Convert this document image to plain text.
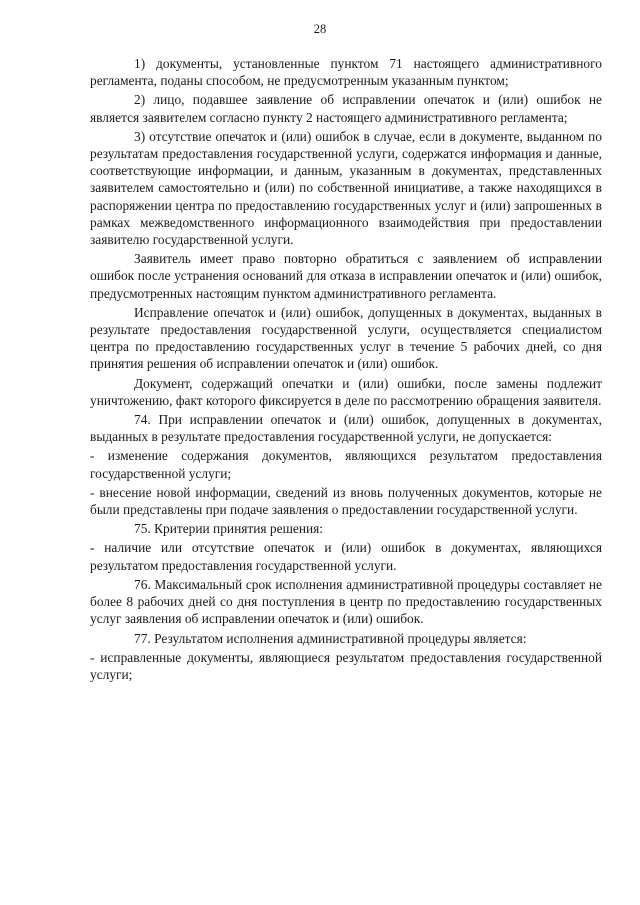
28

1) документы, установленные пунктом 71 настоящего административного регламента, поданы способом, не предусмотренным указанным пунктом;

2) лицо, подавшее заявление об исправлении опечаток и (или) ошибок не является заявителем согласно пункту 2 настоящего административного регламента;

3) отсутствие опечаток и (или) ошибок в случае, если в документе, выданном по результатам предоставления государственной услуги, содержатся информация и данные, соответствующие информации, и данным, указанным в документах, представленных заявителем самостоятельно и (или) по собственной инициативе, а также находящихся в распоряжении центра по предоставлению государственных услуг и (или) запрошенных в рамках межведомственного информационного взаимодействия при предоставлении заявителю государственной услуги.

Заявитель имеет право повторно обратиться с заявлением об исправлении ошибок после устранения оснований для отказа в исправлении опечаток и (или) ошибок, предусмотренных настоящим пунктом административного регламента.

Исправление опечаток и (или) ошибок, допущенных в документах, выданных в результате предоставления государственной услуги, осуществляется специалистом центра по предоставлению государственных услуг в течение 5 рабочих дней, со дня принятия решения об исправлении опечаток и (или) ошибок.

Документ, содержащий опечатки и (или) ошибки, после замены подлежит уничтожению, факт которого фиксируется в деле по рассмотрению обращения заявителя.

74. При исправлении опечаток и (или) ошибок, допущенных в документах, выданных в результате предоставления государственной услуги, не допускается:

- изменение содержания документов, являющихся результатом предоставления государственной услуги;

- внесение новой информации, сведений из вновь полученных документов, которые не были представлены при подаче заявления о предоставлении государственной услуги.

75. Критерии принятия решения:

- наличие или отсутствие опечаток и (или) ошибок в документах, являющихся результатом предоставления государственной услуги.

76. Максимальный срок исполнения административной процедуры составляет не более 8 рабочих дней со дня поступления в центр по предоставлению государственных услуг заявления об исправлении опечаток и (или) ошибок.

77. Результатом исполнения административной процедуры является:

- исправленные документы, являющиеся результатом предоставления государственной услуги;
